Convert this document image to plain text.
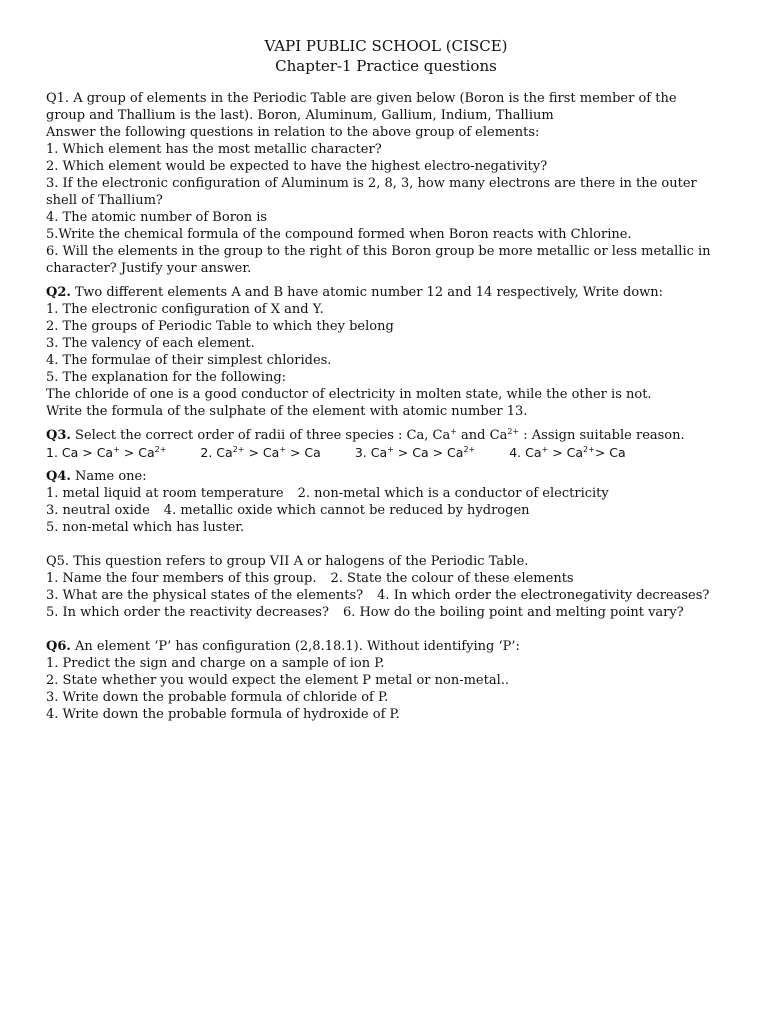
VAPI PUBLIC SCHOOL (CISCE)
Chapter-1 Practice questions

Q1. A group of elements in the Periodic Table are given below (Boron is the first member of the

group and Thallium is the last). Boron, Aluminum, Gallium, Indium, Thallium

Answer the following questions in relation to the above group of elements:

1. Which element has the most metallic character?

2. Which element would be expected to have the highest electro-negativity?

3. If the electronic configuration of Aluminum is 2, 8, 3, how many electrons are there in the outer

shell of Thallium?

4. The atomic number of Boron is

5.Write the chemical formula of the compound formed when Boron reacts with Chlorine.

6. Will the elements in the group to the right of this Boron group be more metallic or less metallic in

character? Justify your answer.

Q2. Two different elements A and B have atomic number 12 and 14 respectively, Write down:

1. The electronic configuration of X and Y.

2. The groups of Periodic Table to which they belong

3. The valency of each element.

4. The formulae of their simplest chlorides.

5. The explanation for the following:

The chloride of one is a good conductor of electricity in molten state, while the other is not.

Write the formula of the sulphate of the element with atomic number 13.

Q3. Select the correct order of radii of three species : Ca, Ca+ and $Ca^{2+}$ : Assign suitable reason.

1. $Ca > Ca^+ > Ca^{2+}$	2. $Ca^{2+} > Ca^+ > Ca$	3. $Ca^+ > Ca > Ca^{2+}$	4. $Ca^+ > Ca^{2+}> Ca$

Q4. Name one:

1. metal liquid at room temperature 2. non-metal which is a conductor of electricity

3. neutral oxide 4. metallic oxide which cannot be reduced by hydrogen

5. non-metal which has luster.

Q5. This question refers to group VII A or halogens of the Periodic Table.

1. Name the four members of this group. 2. State the colour of these elements

3. What are the physical states of the elements? 4. In which order the electronegativity decreases?

5. In which order the reactivity decreases? 6. How do the boiling point and melting point vary?

Q6. An element ‘P’ has configuration (2,8.18.1). Without identifying ‘P’:

1. Predict the sign and charge on a sample of ion P.

2. State whether you would expect the element P metal or non-metal..

3. Write down the probable formula of chloride of P.

4. Write down the probable formula of hydroxide of P.
